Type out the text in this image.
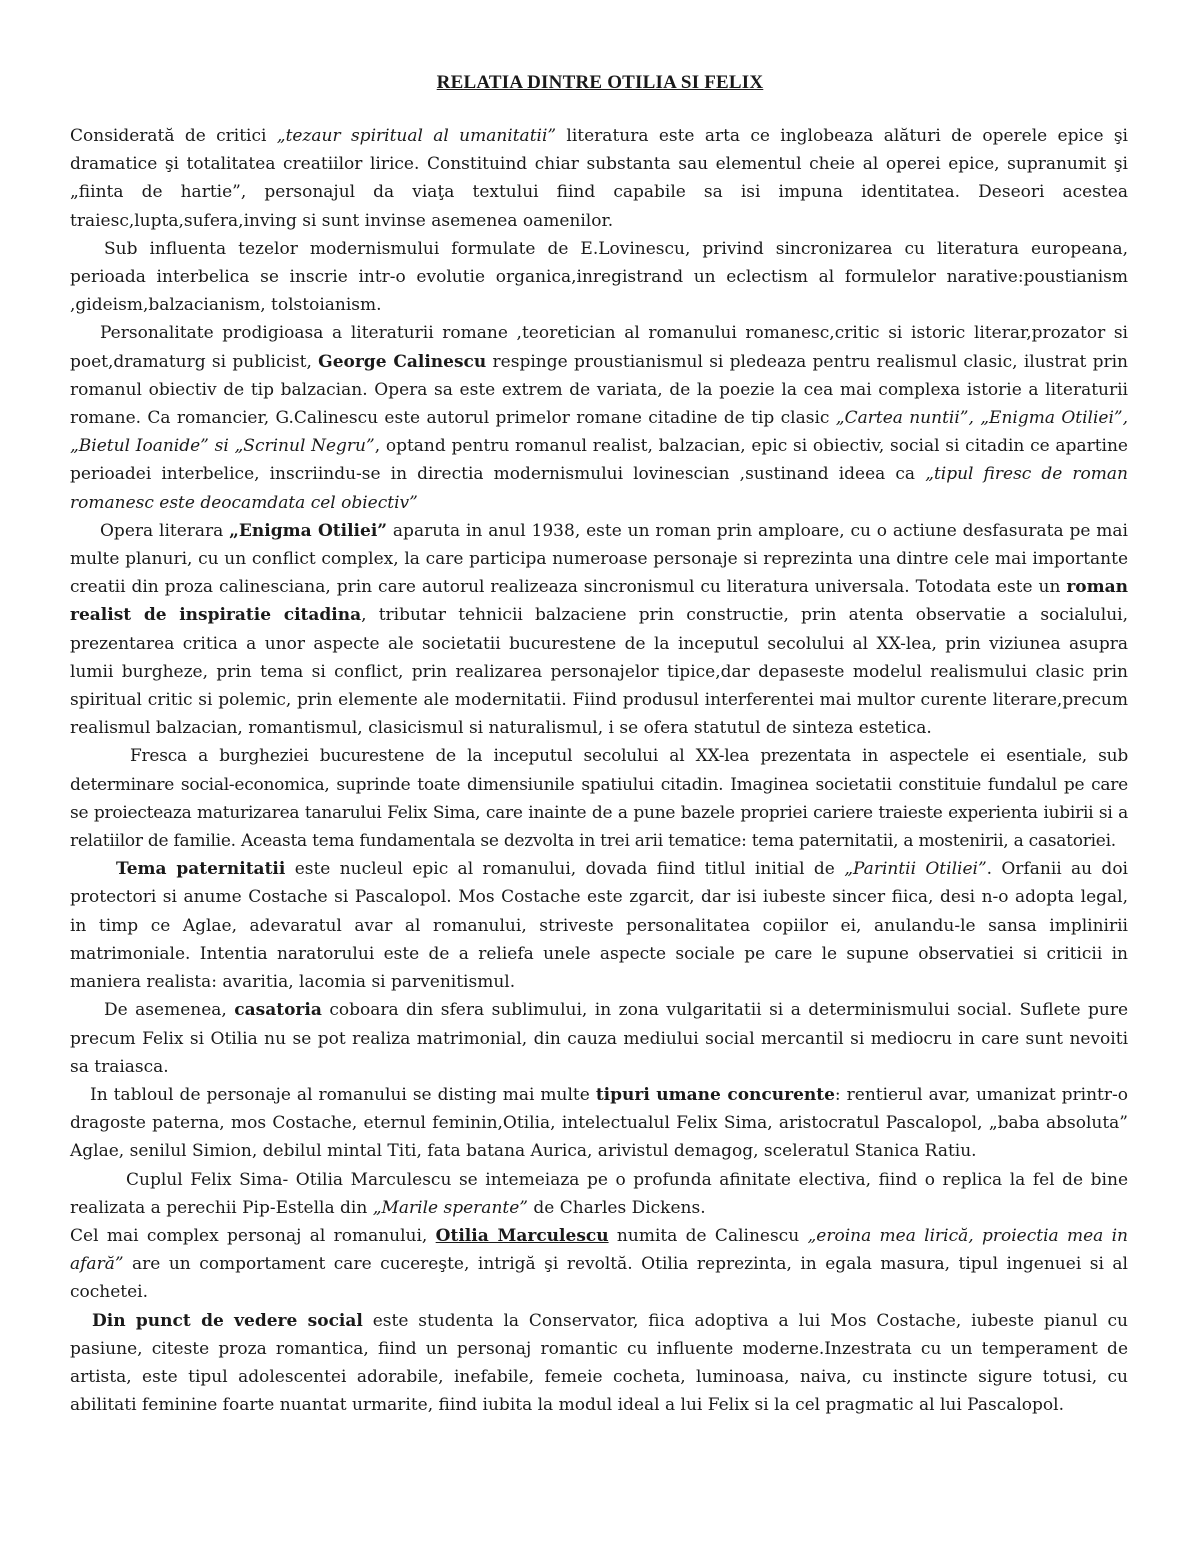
RELATIA DINTRE OTILIA SI FELIX

Considerată de critici „tezaur spiritual al umanitatii” literatura este arta ce inglobeaza alături de operele epice şi dramatice şi totalitatea creatiilor lirice. Constituind chiar substanta sau elementul cheie al operei epice, supranumit şi „fiinta de hartie”, personajul da viaţa textului fiind capabile sa isi impuna identitatea. Deseori acestea traiesc,lupta,sufera,inving si sunt invinse asemenea oamenilor.

Sub influenta tezelor modernismului formulate de E.Lovinescu, privind sincronizarea cu literatura europeana, perioada interbelica se inscrie intr-o evolutie organica,inregistrand un eclectism al formulelor narative:poustianism ,gideism,balzacianism, tolstoianism.

Personalitate prodigioasa a literaturii romane ,teoretician al romanului romanesc,critic si istoric literar,prozator si poet,dramaturg si publicist, George Calinescu respinge proustianismul si pledeaza pentru realismul clasic, ilustrat prin romanul obiectiv de tip balzacian. Opera sa este extrem de variata, de la poezie la cea mai complexa istorie a literaturii romane. Ca romancier, G.Calinescu este autorul primelor romane citadine de tip clasic „Cartea nuntii”, „Enigma Otiliei”, „Bietul Ioanide” si „Scrinul Negru”, optand pentru romanul realist, balzacian, epic si obiectiv, social si citadin ce apartine perioadei interbelice, inscriindu-se in directia modernismului lovinescian ,sustinand ideea ca „tipul firesc de roman romanesc este deocamdata cel obiectiv”

Opera literara „Enigma Otiliei” aparuta in anul 1938, este un roman prin amploare, cu o actiune desfasurata pe mai multe planuri, cu un conflict complex, la care participa numeroase personaje si reprezinta una dintre cele mai importante creatii din proza calinesciana, prin care autorul realizeaza sincronismul cu literatura universala. Totodata este un roman realist de inspiratie citadina, tributar tehnicii balzaciene prin constructie, prin atenta observatie a socialului, prezentarea critica a unor aspecte ale societatii bucurestene de la inceputul secolului al XX-lea, prin viziunea asupra lumii burgheze, prin tema si conflict, prin realizarea personajelor tipice,dar depaseste modelul realismului clasic prin spiritual critic si polemic, prin elemente ale modernitatii. Fiind produsul interferentei mai multor curente literare,precum realismul balzacian, romantismul, clasicismul si naturalismul, i se ofera statutul de sinteza estetica.

Fresca a burgheziei bucurestene de la inceputul secolului al XX-lea prezentata in aspectele ei esentiale, sub determinare social-economica, suprinde toate dimensiunile spatiului citadin. Imaginea societatii constituie fundalul pe care se proiecteaza maturizarea tanarului Felix Sima, care inainte de a pune bazele propriei cariere traieste experienta iubirii si a relatiilor de familie. Aceasta tema fundamentala se dezvolta in trei arii tematice: tema paternitatii, a mostenirii, a casatoriei.

Tema paternitatii este nucleul epic al romanului, dovada fiind titlul initial de „Parintii Otiliei”. Orfanii au doi protectori si anume Costache si Pascalopol. Mos Costache este zgarcit, dar isi iubeste sincer fiica, desi n-o adopta legal, in timp ce Aglae, adevaratul avar al romanului, striveste personalitatea copiilor ei, anulandu-le sansa implinirii matrimoniale. Intentia naratorului este de a reliefa unele aspecte sociale pe care le supune observatiei si criticii in maniera realista: avaritia, lacomia si parvenitismul.

De asemenea, casatoria coboara din sfera sublimului, in zona vulgaritatii si a determinismului social. Suflete pure precum Felix si Otilia nu se pot realiza matrimonial, din cauza mediului social mercantil si mediocru in care sunt nevoiti sa traiasca.

In tabloul de personaje al romanului se disting mai multe tipuri umane concurente: rentierul avar, umanizat printr-o dragoste paterna, mos Costache, eternul feminin,Otilia, intelectualul Felix Sima, aristocratul Pascalopol, „baba absoluta” Aglae, senilul Simion, debilul mintal Titi, fata batana Aurica, arivistul demagog, sceleratul Stanica Ratiu.

Cuplul Felix Sima- Otilia Marculescu se intemeiaza pe o profunda afinitate electiva, fiind o replica la fel de bine realizata a perechii Pip-Estella din „Marile sperante” de Charles Dickens.

Cel mai complex personaj al romanului, Otilia Marculescu numita de Calinescu „eroina mea lirică, proiectia mea in afară” are un comportament care cucereşte, intrigă şi revoltă. Otilia reprezinta, in egala masura, tipul ingenuei si al cochetei.

Din punct de vedere social este studenta la Conservator, fiica adoptiva a lui Mos Costache, iubeste pianul cu pasiune, citeste proza romantica, fiind un personaj romantic cu influente moderne.Inzestrata cu un temperament de artista, este tipul adolescentei adorabile, inefabile, femeie cocheta, luminoasa, naiva, cu instincte sigure totusi, cu abilitati feminine foarte nuantat urmarite, fiind iubita la modul ideal a lui Felix si la cel pragmatic al lui Pascalopol.
